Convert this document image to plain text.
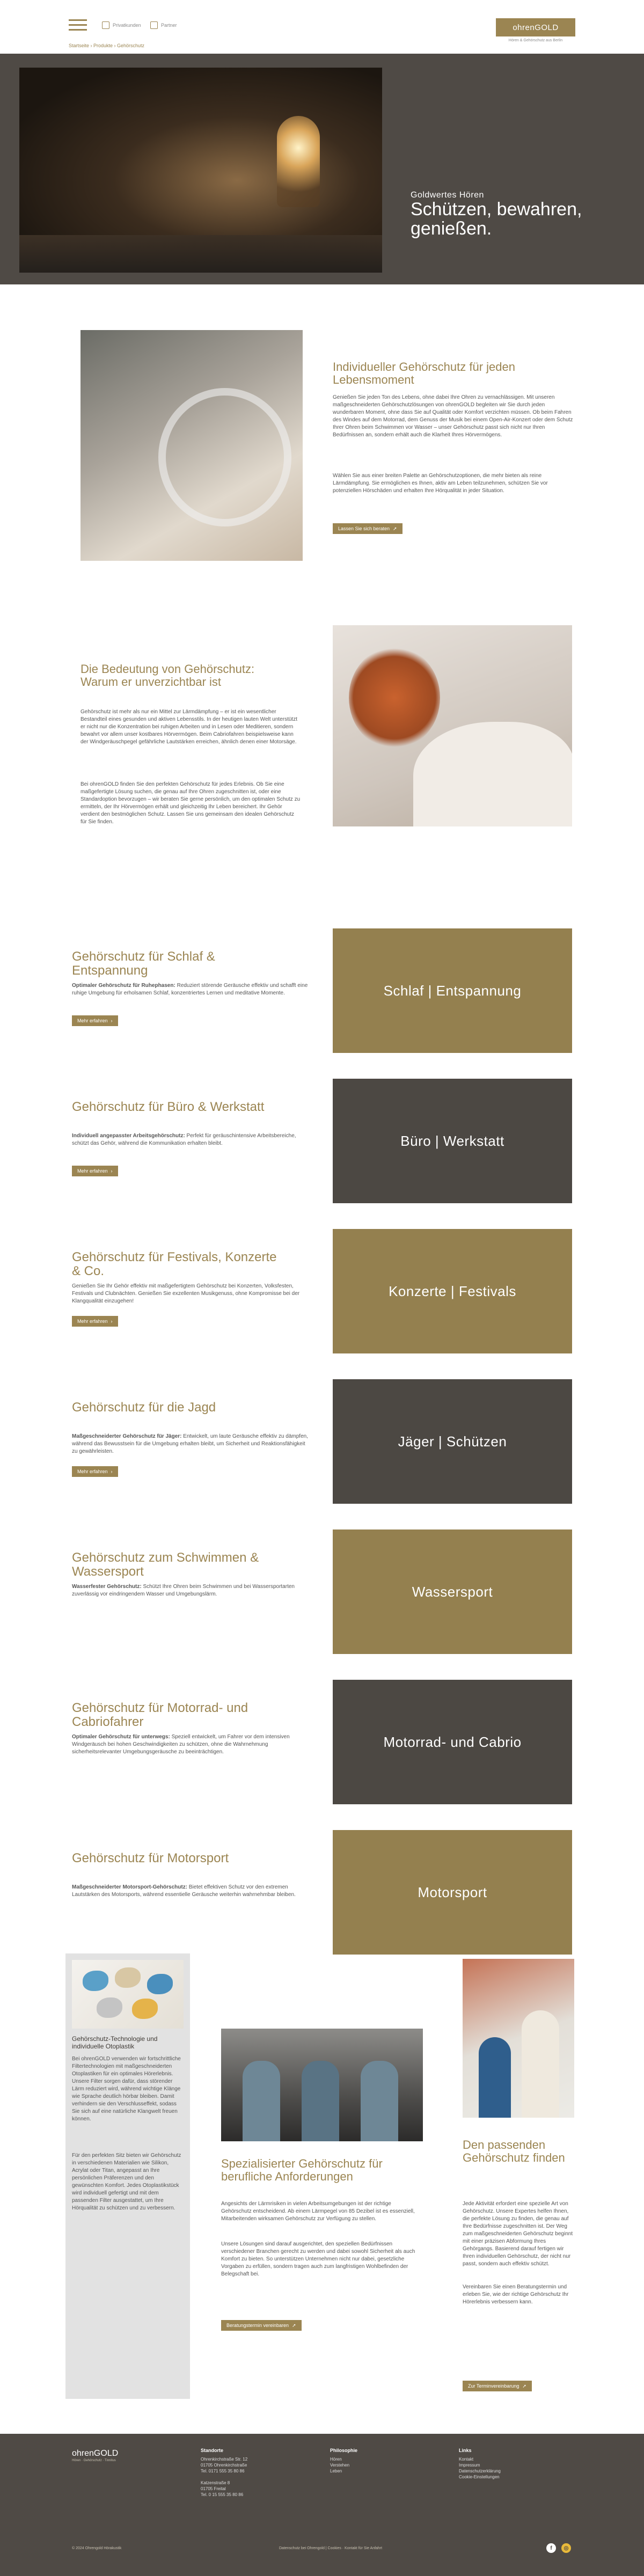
Privatkunden	Partner
Startseite › Produkte › Gehörschutz
ohrenGOLD
Hören & Gehörschutz aus Berlin
Goldwertes Hören
Schützen, bewahren, genießen.
Individueller Gehörschutz für jeden Lebensmoment
Genießen Sie jeden Ton des Lebens, ohne dabei Ihre Ohren zu vernachlässigen. Mit unseren maßgeschneiderten Gehörschutzlösungen von ohrenGOLD begleiten wir Sie durch jeden wunderbaren Moment, ohne dass Sie auf Qualität oder Komfort verzichten müssen. Ob beim Fahren des Windes auf dem Motorrad, dem Genuss der Musik bei einem Open-Air-Konzert oder dem Schutz Ihrer Ohren beim Schwimmen vor Wasser – unser Gehörschutz passt sich nicht nur Ihren Bedürfnissen an, sondern erhält auch die Klarheit Ihres Hörvermögens.
Wählen Sie aus einer breiten Palette an Gehörschutzoptionen, die mehr bieten als reine Lärmdämpfung. Sie ermöglichen es Ihnen, aktiv am Leben teilzunehmen, schützen Sie vor potenziellen Hörschäden und erhalten Ihre Hörqualität in jeder Situation.
Lassen Sie sich beraten ➚
Die Bedeutung von Gehörschutz: Warum er unverzichtbar ist
Gehörschutz ist mehr als nur ein Mittel zur Lärmdämpfung – er ist ein wesentlicher Bestandteil eines gesunden und aktiven Lebensstils. In der heutigen lauten Welt unterstützt er nicht nur die Konzentration bei ruhigen Arbeiten und in Lesen oder Meditieren, sondern bewahrt vor allem unser kostbares Hörvermögen. Beim Cabriofahren beispielsweise kann der Windgeräuschpegel gefährliche Lautstärken erreichen, ähnlich denen einer Motorsäge.
Bei ohrenGOLD finden Sie den perfekten Gehörschutz für jedes Erlebnis. Ob Sie eine maßgefertigte Lösung suchen, die genau auf Ihre Ohren zugeschnitten ist, oder eine Standardoption bevorzugen – wir beraten Sie gerne persönlich, um den optimalen Schutz zu ermitteln, der Ihr Hörvermögen erhält und gleichzeitig Ihr Leben bereichert. Ihr Gehör verdient den bestmöglichen Schutz. Lassen Sie uns gemeinsam den idealen Gehörschutz für Sie finden.
Gehörschutz für Schlaf & Entspannung
Optimaler Gehörschutz für Ruhephasen: Reduziert störende Geräusche effektiv und schafft eine ruhige Umgebung für erholsamen Schlaf, konzentriertes Lernen und meditative Momente.
Mehr erfahren ›
Schlaf | Entspannung
Gehörschutz für Büro & Werkstatt
Individuell angepasster Arbeitsgehörschutz: Perfekt für geräuschintensive Arbeitsbereiche, schützt das Gehör, während die Kommunikation erhalten bleibt.
Mehr erfahren ›
Büro | Werkstatt
Gehörschutz für Festivals, Konzerte & Co.
Genießen Sie Ihr Gehör effektiv mit maßgefertigtem Gehörschutz bei Konzerten, Volksfesten, Festivals und Clubnächten. Genießen Sie exzellenten Musikgenuss, ohne Kompromisse bei der Klangqualität einzugehen!
Mehr erfahren ›
Konzerte | Festivals
Gehörschutz für die Jagd
Maßgeschneiderter Gehörschutz für Jäger: Entwickelt, um laute Geräusche effektiv zu dämpfen, während das Bewusstsein für die Umgebung erhalten bleibt, um Sicherheit und Reaktionsfähigkeit zu gewährleisten.
Mehr erfahren ›
Jäger | Schützen
Gehörschutz zum Schwimmen & Wassersport
Wasserfester Gehörschutz: Schützt Ihre Ohren beim Schwimmen und bei Wassersportarten zuverlässig vor eindringendem Wasser und Umgebungslärm.	Wassersport
Gehörschutz für Motorrad- und Cabriofahrer
Optimaler Gehörschutz für unterwegs: Speziell entwickelt, um Fahrer vor dem intensiven Windgeräusch bei hohen Geschwindigkeiten zu schützen, ohne die Wahrnehmung sicherheitsrelevanter Umgebungsgeräusche zu beeinträchtigen.
Motorrad- und Cabrio
Gehörschutz für Motorsport
Maßgeschneiderter Motorsport-Gehörschutz: Bietet effektiven Schutz vor den extremen Lautstärken des Motorsports, während essentielle Geräusche weiterhin wahrnehmbar bleiben.	Motorsport
Gehörschutz-Technologie und individuelle Otoplastik
Bei ohrenGOLD verwenden wir fortschrittliche Filtertechnologien mit maßgeschneiderten Otoplastiken für ein optimales Hörerlebnis. Unsere Filter sorgen dafür, dass störender Lärm reduziert wird, während wichtige Klänge wie Sprache deutlich hörbar bleiben. Damit verhindern sie den Verschlusseffekt, sodass Sie sich auf eine natürliche Klangwelt freuen können.
Für den perfekten Sitz bieten wir Gehörschutz in verschiedenen Materialien wie Silikon, Acrylat oder Titan, angepasst an Ihre persönlichen Präferenzen und den gewünschten Komfort. Jedes Otoplastikstück wird individuell gefertigt und mit dem passenden Filter ausgestattet, um Ihre Hörqualität zu schützen und zu verbessern.
Spezialisierter Gehörschutz für berufliche Anforderungen
Angesichts der Lärmrisiken in vielen Arbeitsumgebungen ist der richtige Gehörschutz entscheidend. Ab einem Lärmpegel von 85 Dezibel ist es essenziell, Mitarbeitenden wirksamen Gehörschutz zur Verfügung zu stellen.
Unsere Lösungen sind darauf ausgerichtet, den speziellen Bedürfnissen verschiedener Branchen gerecht zu werden und dabei sowohl Sicherheit als auch Komfort zu bieten. So unterstützen Unternehmen nicht nur dabei, gesetzliche Vorgaben zu erfüllen, sondern tragen auch zum langfristigen Wohlbefinden der Belegschaft bei.
Beratungstermin vereinbaren ➚
Den passenden Gehörschutz finden
Jede Aktivität erfordert eine spezielle Art von Gehörschutz. Unsere Expertes helfen Ihnen, die perfekte Lösung zu finden, die genau auf Ihre Bedürfnisse zugeschnitten ist. Der Weg zum maßgeschneiderten Gehörschutz beginnt mit einer präzisen Abformung Ihres Gehörgangs. Basierend darauf fertigen wir Ihren individuellen Gehörschutz, der nicht nur passt, sondern auch effektiv schützt.
Vereinbaren Sie einen Beratungstermin und erleben Sie, wie der richtige Gehörschutz Ihr Hörerlebnis verbessern kann.
Zur Terminvereinbarung ➚
ohrenGOLD
Hören · Gehörschutz · Tinnitus
Standorte
Ohrenkirchstraße Str. 12
01705 Ohrenkirchstraße
Tel. 0171 555 35 80 86
Katzenstraße 8
01705 Freital
Tel. 0 15 555 35 80 86
Philosophie
Hören
Verstehen
Leben
Links
Kontakt
Impressum
Datenschutzerklärung
Cookie-Einstellungen
© 2024 Ohrengold Hörakustik	Datenschutz bei Ohrengold | Cookies · Kontakt für Sie Anfahrt	f	◎
